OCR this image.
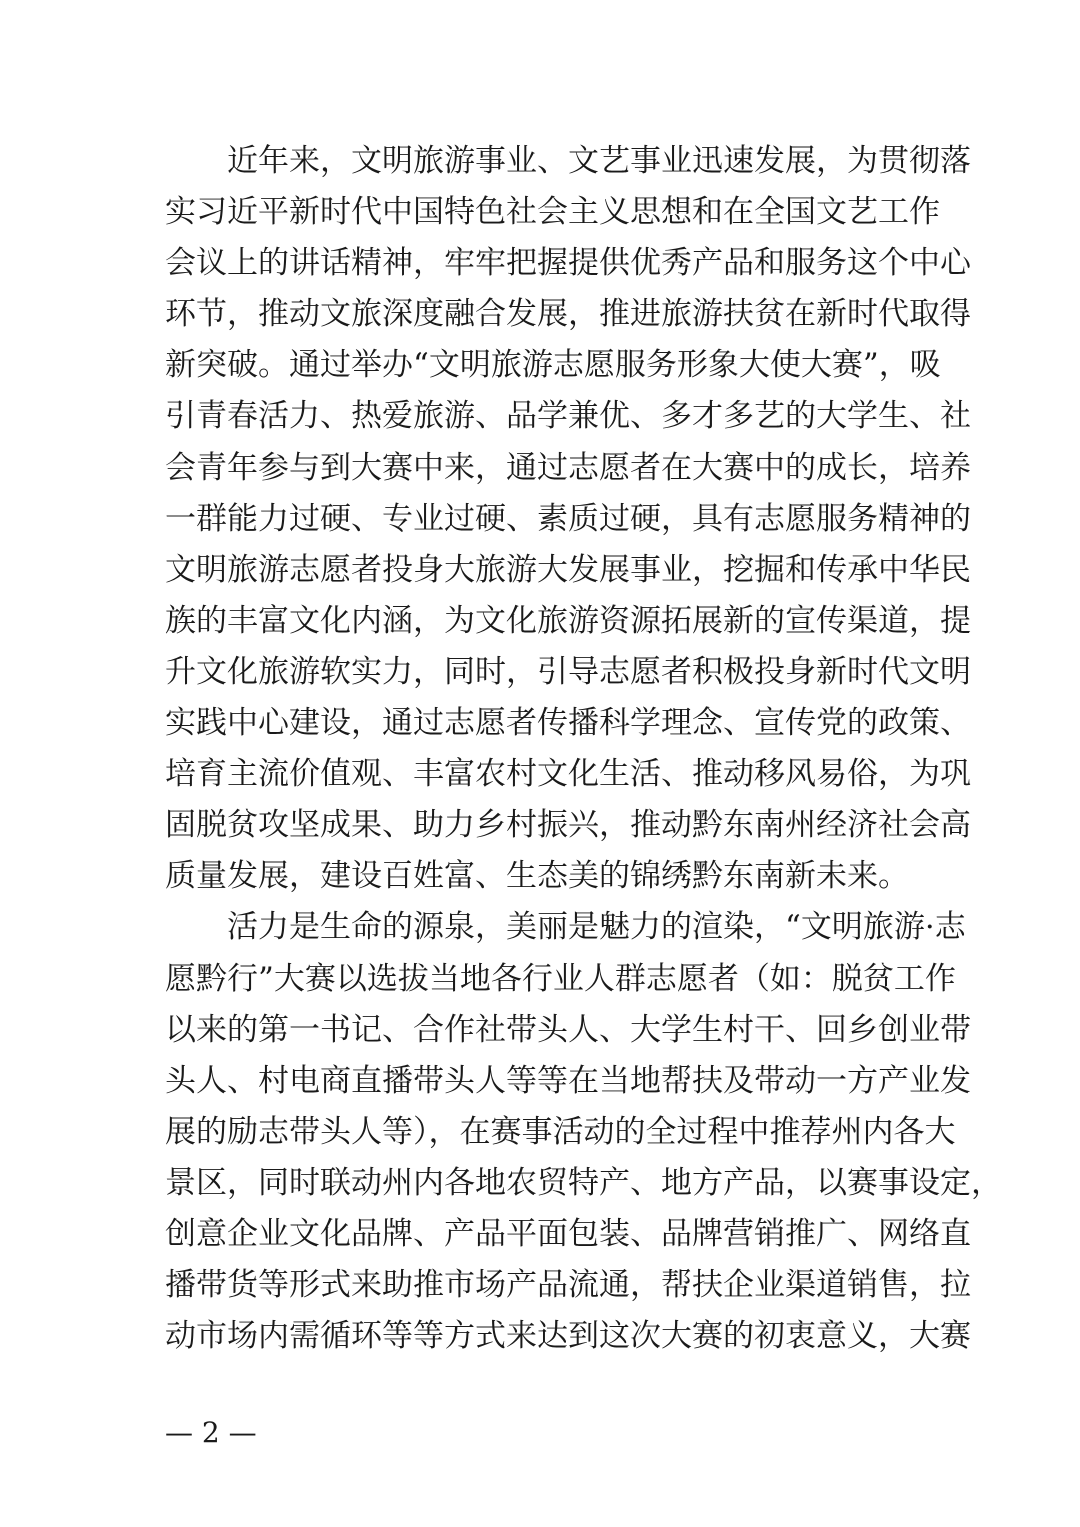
近年来，文明旅游事业、文艺事业迅速发展，为贯彻落
实习近平新时代中国特色社会主义思想和在全国文艺工作
会议上的讲话精神，牢牢把握提供优秀产品和服务这个中心
环节，推动文旅深度融合发展，推进旅游扶贫在新时代取得
新突破。通过举办“文明旅游志愿服务形象大使大赛”，吸
引青春活力、热爱旅游、品学兼优、多才多艺的大学生、社
会青年参与到大赛中来，通过志愿者在大赛中的成长，培养
一群能力过硬、专业过硬、素质过硬，具有志愿服务精神的
文明旅游志愿者投身大旅游大发展事业，挖掘和传承中华民
族的丰富文化内涵，为文化旅游资源拓展新的宣传渠道，提
升文化旅游软实力，同时，引导志愿者积极投身新时代文明
实践中心建设，通过志愿者传播科学理念、宣传党的政策、
培育主流价值观、丰富农村文化生活、推动移风易俗，为巩
固脱贫攻坚成果、助力乡村振兴，推动黔东南州经济社会高
质量发展，建设百姓富、生态美的锦绣黔东南新未来。
活力是生命的源泉，美丽是魅力的渲染，“文明旅游·志
愿黔行”大赛以选拔当地各行业人群志愿者（如：脱贫工作
以来的第一书记、合作社带头人、大学生村干、回乡创业带
头人、村电商直播带头人等等在当地帮扶及带动一方产业发
展的励志带头人等），在赛事活动的全过程中推荐州内各大
景区，同时联动州内各地农贸特产、地方产品，以赛事设定，
创意企业文化品牌、产品平面包装、品牌营销推广、网络直
播带货等形式来助推市场产品流通，帮扶企业渠道销售，拉
动市场内需循环等等方式来达到这次大赛的初衷意义，大赛
— 2 —
